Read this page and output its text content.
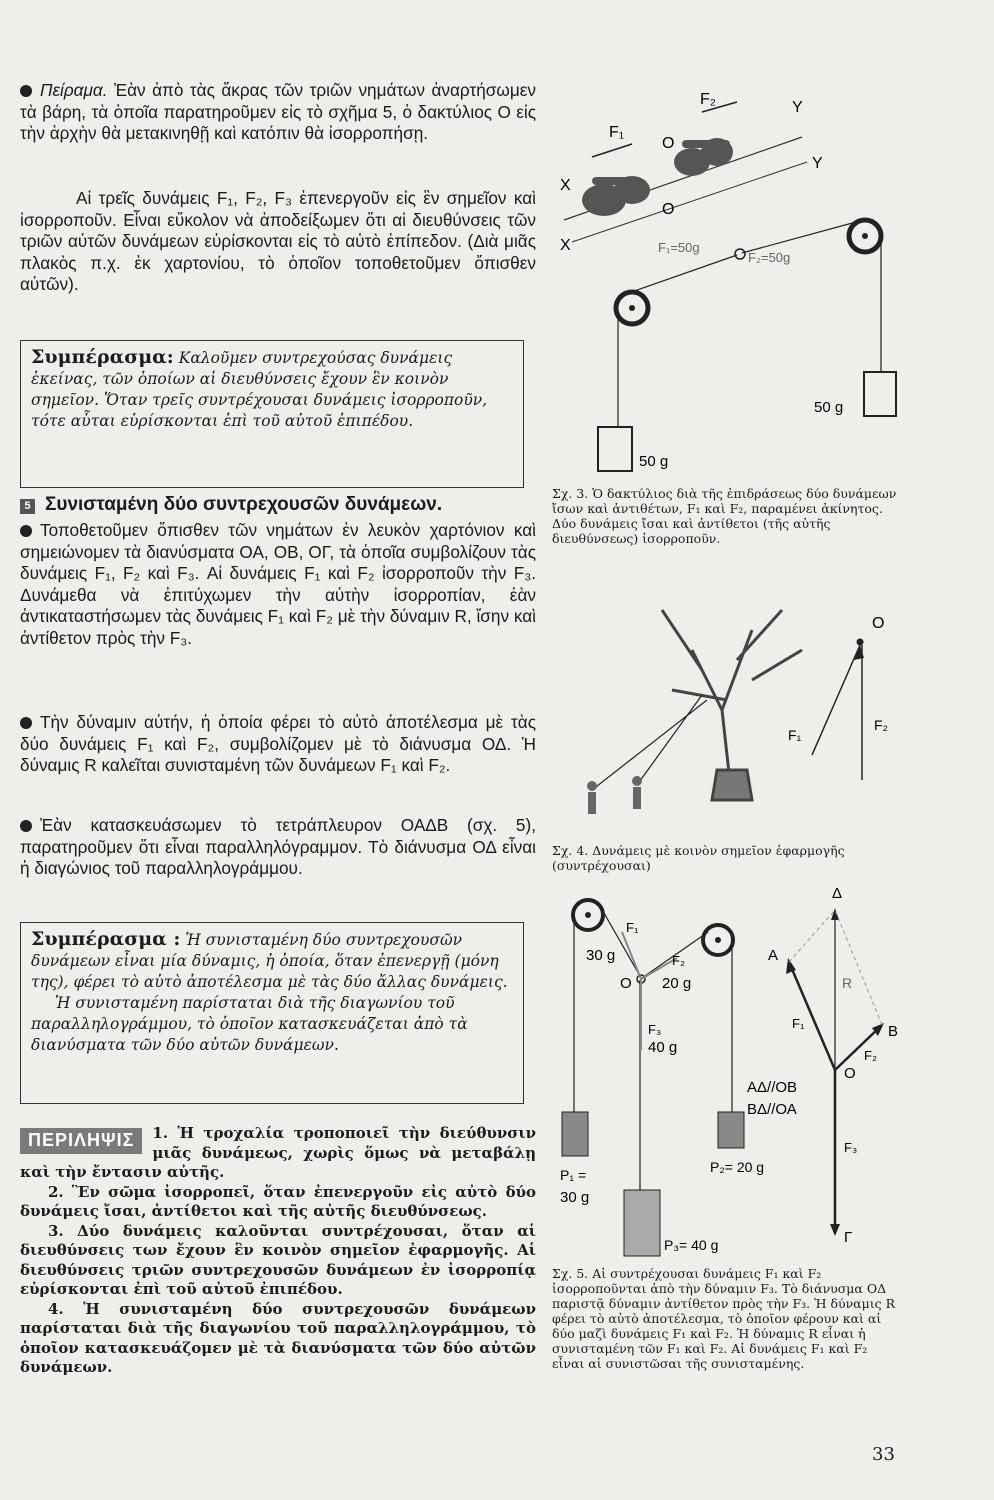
Πείραμα. Ἐὰν ἀπὸ τὰς ἄκρας τῶν τριῶν νημάτων ἀναρτήσωμεν τὰ βάρη, τὰ ὁποῖα παρατηροῦμεν εἰς τὸ σχῆμα 5, ὁ δακτύλιος Ο εἰς τὴν ἀρχὴν θὰ μετακινηθῇ καὶ κατόπιν θὰ ἰσορροπήσῃ.

Αἱ τρεῖς δυνάμεις F₁, F₂, F₃ ἐπενεργοῦν εἰς ἓν σημεῖον καὶ ἰσορροποῦν. Εἶναι εὔκολον νὰ ἀποδείξωμεν ὅτι αἱ διευθύνσεις τῶν τριῶν αὐτῶν δυνάμεων εὑρίσκονται εἰς τὸ αὐτὸ ἐπίπεδον. (Διὰ μιᾶς πλακὸς π.χ. ἐκ χαρτονίου, τὸ ὁποῖον τοποθετοῦμεν ὄπισθεν αὐτῶν).

Συμπέρασμα: Καλοῦμεν συντρεχούσας δυνάμεις ἐκείνας, τῶν ὁποίων αἱ διευθύνσεις ἔχουν ἓν κοινὸν σημεῖον. Ὅταν τρεῖς συντρέχουσαι δυνάμεις ἰσορροποῦν, τότε αὗται εὑρίσκονται ἐπὶ τοῦ αὐτοῦ ἐπιπέδου.
5 Συνισταμένη δύο συντρεχουσῶν δυνάμεων.

Τοποθετοῦμεν ὄπισθεν τῶν νημάτων ἐν λευκὸν χαρτόνιον καὶ σημειώνομεν τὰ διανύσματα ΟΑ, ΟΒ, ΟΓ, τὰ ὁποῖα συμβολίζουν τὰς δυνάμεις F₁, F₂ καὶ F₃. Αἱ δυνάμεις F₁ καὶ F₂ ἰσορροποῦν τὴν F₃. Δυνάμεθα νὰ ἐπιτύχωμεν τὴν αὐτὴν ἰσορροπίαν, ἐὰν ἀντικαταστήσωμεν τὰς δυνάμεις F₁ καὶ F₂ μὲ τὴν δύναμιν R, ἴσην καὶ ἀντίθετον πρὸς τὴν F₃.

Τὴν δύναμιν αὐτήν, ἡ ὁποία φέρει τὸ αὐτὸ ἀποτέλεσμα μὲ τὰς δύο δυνάμεις F₁ καὶ F₂, συμβολίζομεν μὲ τὸ διάνυσμα ΟΔ. Ἡ δύναμις R καλεῖται συνισταμένη τῶν δυνάμεων F₁ καὶ F₂.

Ἐὰν κατασκευάσωμεν τὸ τετράπλευρον ΟΑΔΒ (σχ. 5), παρατηροῦμεν ὅτι εἶναι παραλληλόγραμμον. Τὸ διάνυσμα ΟΔ εἶναι ἡ διαγώνιος τοῦ παραλληλογράμμου.

Συμπέρασμα : Ἡ συνισταμένη δύο συντρεχουσῶν δυνάμεων εἶναι μία δύναμις, ἡ ὁποία, ὅταν ἐπενεργῇ (μόνη της), φέρει τὸ αὐτὸ ἀποτέλεσμα μὲ τὰς δύο ἄλλας δυνάμεις.
Ἡ συνισταμένη παρίσταται διὰ τῆς διαγωνίου τοῦ παραλληλογράμμου, τὸ ὁποῖον κατασκευάζεται ἀπὸ τὰ διανύσματα τῶν δύο αὐτῶν δυνάμεων.
ΠΕΡΙΛΗΨΙΣ	1. Ἡ τροχαλία τροποποιεῖ τὴν διεύθυνσιν μιᾶς δυνάμεως, χωρὶς ὅμως νὰ μεταβάλῃ καὶ τὴν ἔντασιν αὐτῆς.

2. Ἓν σῶμα ἰσορροπεῖ, ὅταν ἐπενεργοῦν εἰς αὐτὸ δύο δυνάμεις ἴσαι, ἀντίθετοι καὶ τῆς αὐτῆς διευθύνσεως.

3. Δύο δυνάμεις καλοῦνται συντρέχουσαι, ὅταν αἱ διευθύνσεις των ἔχουν ἓν κοινὸν σημεῖον ἐφαρμογῆς. Αἱ διευθύνσεις τριῶν συντρεχουσῶν δυνάμεων ἐν ἰσορροπίᾳ εὑρίσκονται ἐπὶ τοῦ αὐτοῦ ἐπιπέδου.

4. Ἡ συνισταμένη δύο συντρεχουσῶν δυνάμεων παρίσταται διὰ τῆς διαγωνίου τοῦ παραλληλογράμμου, τὸ ὁποῖον κατασκευάζομεν μὲ τὰ διανύσματα τῶν δύο αὐτῶν δυνάμεων.

F₂	Y
F₁
O
X
Y
O
X	F₁=50g
F₂=50g
50 g
50 g
Σχ. 3. Ὁ δακτύλιος διὰ τῆς ἐπιδράσεως δύο δυνάμεων ἴσων καὶ ἀντιθέτων, F₁ καὶ F₂, παραμένει ἀκίνητος. Δύο δυνάμεις ἴσαι καὶ ἀντίθετοι (τῆς αὐτῆς διευθύνσεως) ἰσορροποῦν.
O
F₁
F₂
Σχ. 4. Δυνάμεις μὲ κοινὸν σημεῖον ἐφαρμογῆς (συντρέχουσαι)
F₁
30 g	F₂
20 g
O
F₃
40 g
P₁ =
30 g
P₂= 20 g
P₃= 40 g
Δ
A
R
B
F₁
F₂
O
ΑΔ//ΟΒ
ΒΔ//ΟΑ
F₃
Γ
Σχ. 5. Αἱ συντρέχουσαι δυνάμεις F₁ καὶ F₂ ἰσορροποῦνται ἀπὸ τὴν δύναμιν F₃. Τὸ διάνυσμα ΟΔ παριστᾷ δύναμιν ἀντίθετον πρὸς τὴν F₃. Ἡ δύναμις R φέρει τὸ αὐτὸ ἀποτέλεσμα, τὸ ὁποῖον φέρουν καὶ αἱ δύο μαζὶ δυνάμεις F₁ καὶ F₂. Ἡ δύναμις R εἶναι ἡ συνισταμένη τῶν F₁ καὶ F₂. Αἱ δυνάμεις F₁ καὶ F₂ εἶναι αἱ συνιστῶσαι τῆς συνισταμένης.
33
